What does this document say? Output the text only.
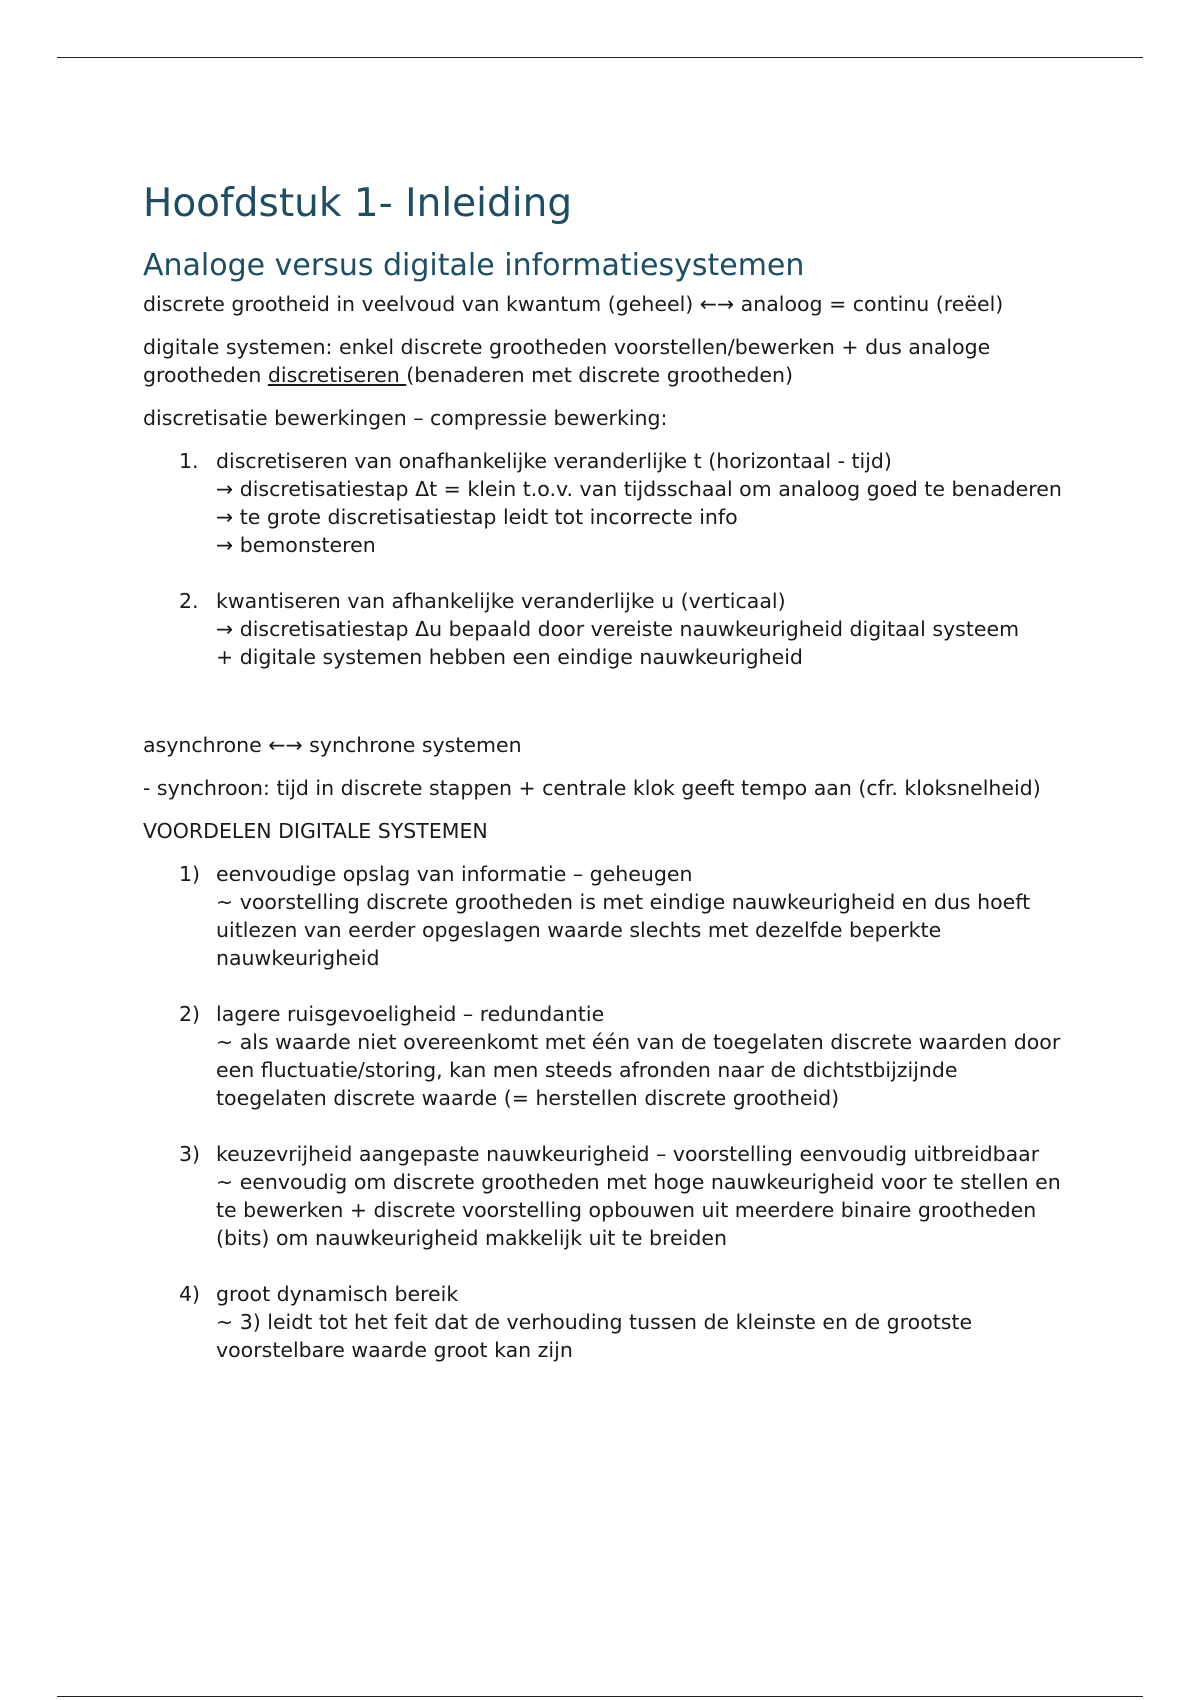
Hoofdstuk 1- Inleiding
Analoge versus digitale informatiesystemen

discrete grootheid in veelvoud van kwantum (geheel) ←→ analoog = continu (reëel)

digitale systemen: enkel discrete grootheden voorstellen/bewerken + dus analoge grootheden discretiseren (benaderen met discrete grootheden)

discretisatie bewerkingen – compressie bewerking:

1. discretiseren van onafhankelijke veranderlijke t (horizontaal - tijd)
→ discretisatiestap Δt = klein t.o.v. van tijdsschaal om analoog goed te benaderen
→ te grote discretisatiestap leidt tot incorrecte info
→ bemonsteren
2. kwantiseren van afhankelijke veranderlijke u (verticaal)
→ discretisatiestap Δu bepaald door vereiste nauwkeurigheid digitaal systeem
+ digitale systemen hebben een eindige nauwkeurigheid

asynchrone ←→ synchrone systemen

- synchroon: tijd in discrete stappen + centrale klok geeft tempo aan (cfr. kloksnelheid)

VOORDELEN DIGITALE SYSTEMEN

1) eenvoudige opslag van informatie – geheugen
~ voorstelling discrete grootheden is met eindige nauwkeurigheid en dus hoeft uitlezen van eerder opgeslagen waarde slechts met dezelfde beperkte nauwkeurigheid
2) lagere ruisgevoeligheid – redundantie
~ als waarde niet overeenkomt met één van de toegelaten discrete waarden door een fluctuatie/storing, kan men steeds afronden naar de dichtstbijzijnde toegelaten discrete waarde (= herstellen discrete grootheid)
3) keuzevrijheid aangepaste nauwkeurigheid – voorstelling eenvoudig uitbreidbaar
~ eenvoudig om discrete grootheden met hoge nauwkeurigheid voor te stellen en te bewerken + discrete voorstelling opbouwen uit meerdere binaire grootheden (bits) om nauwkeurigheid makkelijk uit te breiden
4) groot dynamisch bereik
~ 3) leidt tot het feit dat de verhouding tussen de kleinste en de grootste voorstelbare waarde groot kan zijn
